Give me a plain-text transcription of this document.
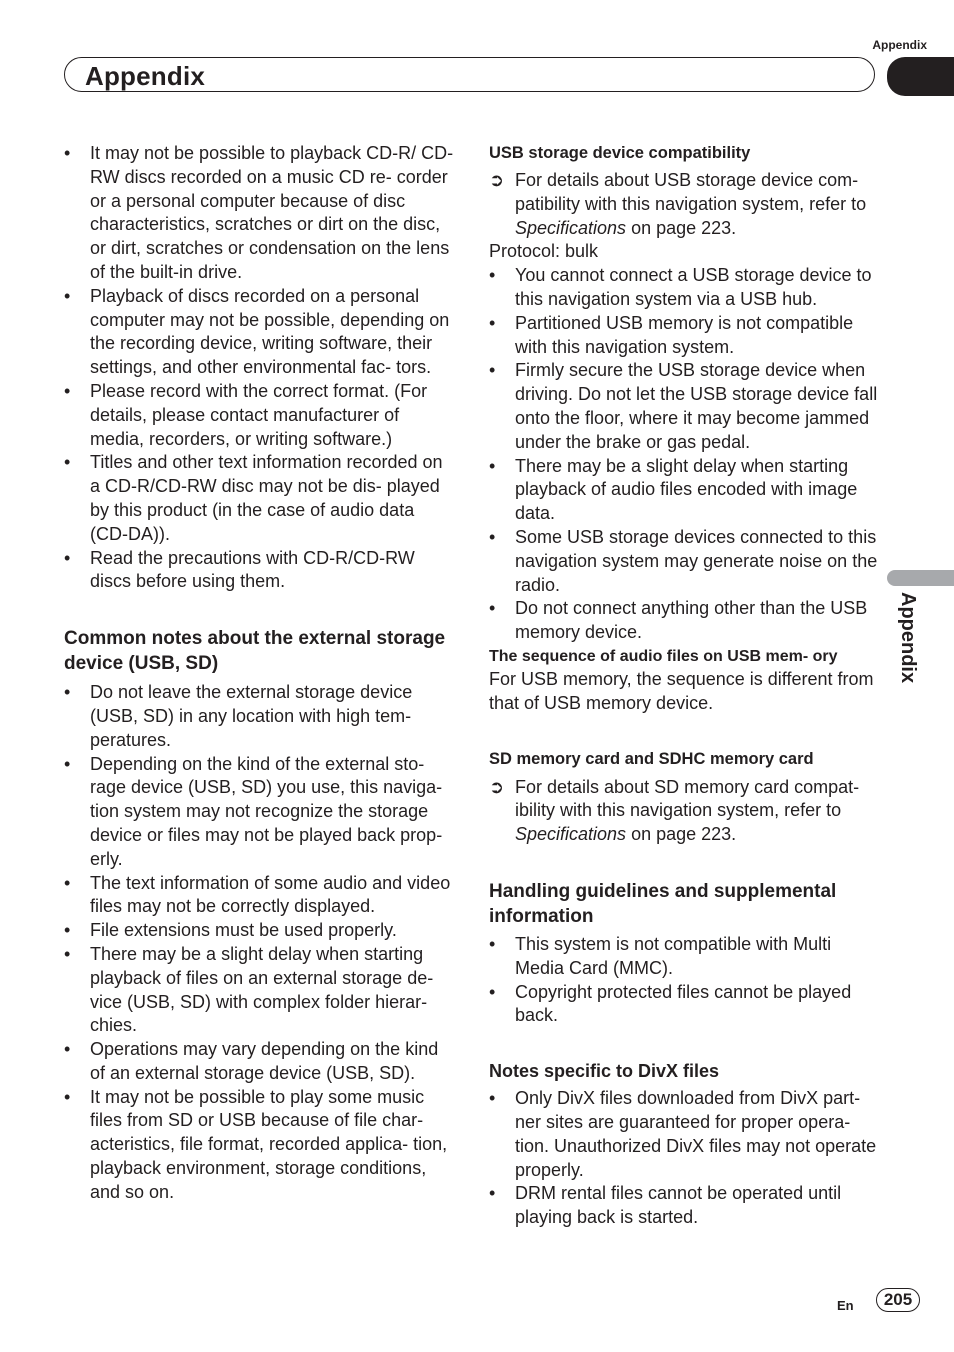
Appendix
Appendix
Appendix
• It may not be possible to playback CD-R/ CD-RW discs recorded on a music CD re- corder or a personal computer because of disc characteristics, scratches or dirt on the disc, or dirt, scratches or condensation on the lens of the built-in drive.
• Playback of discs recorded on a personal computer may not be possible, depending on the recording device, writing software, their settings, and other environmental fac- tors.
• Please record with the correct format. (For details, please contact manufacturer of media, recorders, or writing software.)
• Titles and other text information recorded on a CD-R/CD-RW disc may not be dis- played by this product (in the case of audio data (CD-DA)).
• Read the precautions with CD-R/CD-RW discs before using them.
Common notes about the external storage device (USB, SD)
• Do not leave the external storage device (USB, SD) in any location with high tem- peratures.
• Depending on the kind of the external sto- rage device (USB, SD) you use, this naviga- tion system may not recognize the storage device or files may not be played back prop- erly.
• The text information of some audio and video files may not be correctly displayed.
• File extensions must be used properly.
• There may be a slight delay when starting playback of files on an external storage de- vice (USB, SD) with complex folder hierar- chies.
• Operations may vary depending on the kind of an external storage device (USB, SD).
• It may not be possible to play some music files from SD or USB because of file char- acteristics, file format, recorded applica- tion, playback environment, storage conditions, and so on.
USB storage device compatibility
➲ For details about USB storage device com- patibility with this navigation system, refer to Specifications on page 223.

Protocol: bulk

• You cannot connect a USB storage device to this navigation system via a USB hub.
• Partitioned USB memory is not compatible with this navigation system.
• Firmly secure the USB storage device when driving. Do not let the USB storage device fall onto the floor, where it may become jammed under the brake or gas pedal.
• There may be a slight delay when starting playback of audio files encoded with image data.
• Some USB storage devices connected to this navigation system may generate noise on the radio.
• Do not connect anything other than the USB memory device.
The sequence of audio files on USB mem- ory

For USB memory, the sequence is different from that of USB memory device.

SD memory card and SDHC memory card
➲ For details about SD memory card compat- ibility with this navigation system, refer to Specifications on page 223.
Handling guidelines and supplemental information
• This system is not compatible with Multi Media Card (MMC).
• Copyright protected files cannot be played back.
Notes specific to DivX files
• Only DivX files downloaded from DivX part- ner sites are guaranteed for proper opera- tion. Unauthorized DivX files may not operate properly.
• DRM rental files cannot be operated until playing back is started.
En	205
